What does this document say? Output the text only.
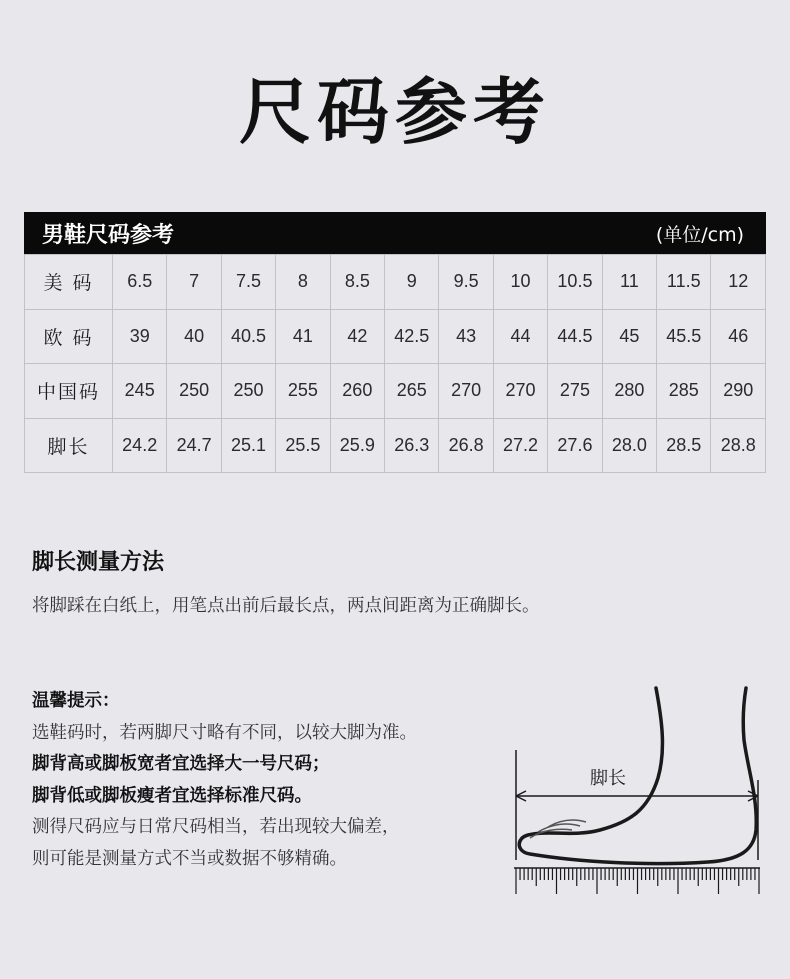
尺码参考
男鞋尺码参考	(单位/cm)
美 码	6.5	7	7.5	8	8.5	9	9.5	10	10.5	11	11.5	12
欧 码	39	40	40.5	41	42	42.5	43	44	44.5	45	45.5	46
中国码	245	250	250	255	260	265	270	270	275	280	285	290
脚长	24.2	24.7	25.1	25.5	25.9	26.3	26.8	27.2	27.6	28.0	28.5	28.8
脚长测量方法
将脚踩在白纸上，用笔点出前后最长点，两点间距离为正确脚长。
温馨提示：
选鞋码时，若两脚尺寸略有不同，以较大脚为准。
脚背高或脚板宽者宜选择大一号尺码；
脚背低或脚板瘦者宜选择标准尺码。
测得尺码应与日常尺码相当，若出现较大偏差，
则可能是测量方式不当或数据不够精确。
脚长
